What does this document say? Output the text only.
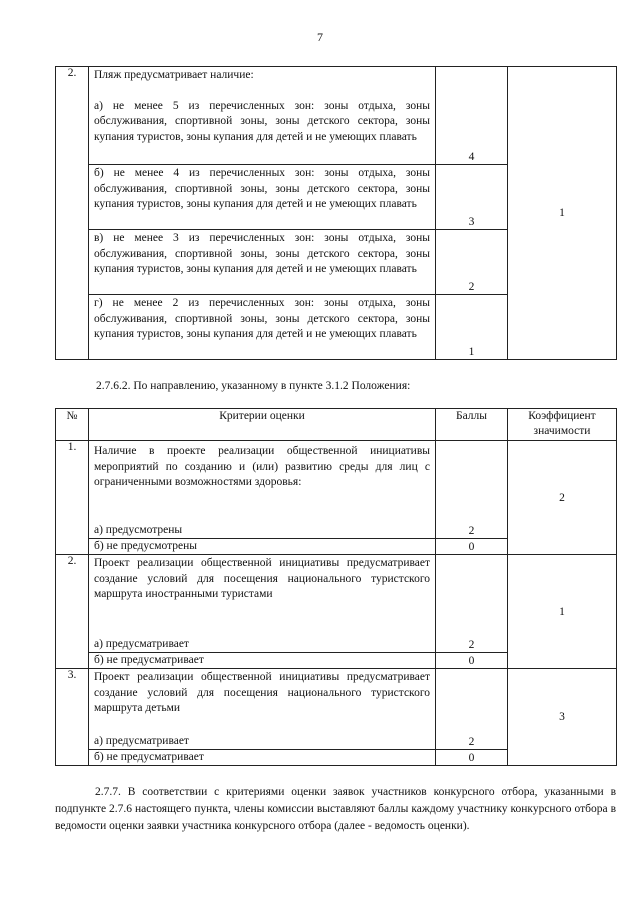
7
2.	Пляж предусматривает наличие:
а) не менее 5 из перечисленных зон: зоны отдыха, зоны обслуживания, спортивной зоны, зоны детского сектора, зоны купания туристов, зоны купания для детей и не умеющих плавать	4	1

	б) не менее 4 из перечисленных зон: зоны отдыха, зоны обслуживания, спортивной зоны, зоны детского сектора, зоны купания туристов, зоны купания для детей и не умеющих плавать	3	

	в) не менее 3 из перечисленных зон: зоны отдыха, зоны обслуживания, спортивной зоны, зоны детского сектора, зоны купания туристов, зоны купания для детей и не умеющих плавать	2	

	г) не менее 2 из перечисленных зон: зоны отдыха, зоны обслуживания, спортивной зоны, зоны детского сектора, зоны купания туристов, зоны купания для детей и не умеющих плавать	1	
2.7.6.2. По направлению, указанному в пункте 3.1.2 Положения:
№	Критерии оценки	Баллы	Коэффициент значимости
1.	Наличие в проекте реализации общественной инициативы мероприятий по созданию и (или) развитию среды для лиц с ограниченными возможностями здоровья:
а) предусмотрены	2	2

	б) не предусмотрены	0	
2.	Проект реализации общественной инициативы предусматривает создание условий для посещения национального туристского маршрута иностранными туристами
а) предусматривает	2	1

	б) не предусматривает	0	
3.	Проект реализации общественной инициативы предусматривает создание условий для посещения национального туристского маршрута детьми
а) предусматривает	2	3

	б) не предусматривает	0	
2.7.7. В соответствии с критериями оценки заявок участников конкурсного отбора, указанными в подпункте 2.7.6 настоящего пункта, члены комиссии выставляют баллы каждому участнику конкурсного отбора в ведомости оценки заявки участника конкурсного отбора (далее - ведомость оценки).
